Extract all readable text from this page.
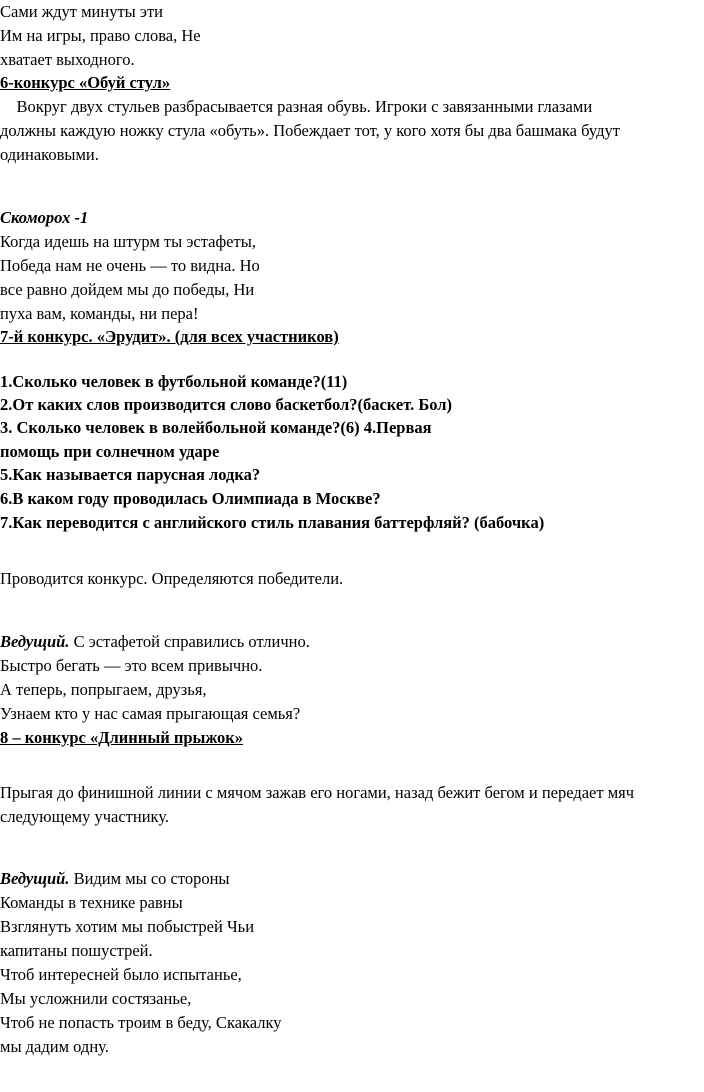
Сами ждут минуты эти
Им на игры, право слова, Не
хватает выходного.
6-конкурс «Обуй стул»
Вокруг двух стульев разбрасывается разная обувь. Игроки с завязанными глазами
должны каждую ножку стула «обуть». Побеждает тот, у кого хотя бы два башмака будут
одинаковыми.
Скоморох -1
Когда идешь на штурм ты эстафеты,
Победа нам не очень — то видна. Но
все равно дойдем мы до победы, Ни
пуха вам, команды, ни пера!
7-й конкурс. «Эрудит». (для всех участников)
1.Сколько человек в футбольной команде?(11)
2.От каких слов производится слово баскетбол?(баскет. Бол)
3. Сколько человек в волейбольной команде?(6) 4.Первая
помощь при солнечном ударе
5.Как называется парусная лодка?
6.В каком году проводилась Олимпиада в Москве?
7.Как переводится с английского стиль плавания баттерфляй? (бабочка)
Проводится конкурс. Определяются победители.
Ведущий. С эстафетой справились отлично.
Быстро бегать — это всем привычно.
А теперь, попрыгаем, друзья,
Узнаем кто у нас самая прыгающая семья?
8 – конкурс «Длинный прыжок»
Прыгая до финишной линии с мячом зажав его ногами, назад бежит бегом и передает мяч
следующему участнику.
Ведущий. Видим мы со стороны
Команды в технике равны
Взглянуть хотим мы побыстрей Чьи
капитаны пошустрей.
Чтоб интересней было испытанье,
Мы усложнили состязанье,
Чтоб не попасть троим в беду, Скакалку
мы дадим одну.
